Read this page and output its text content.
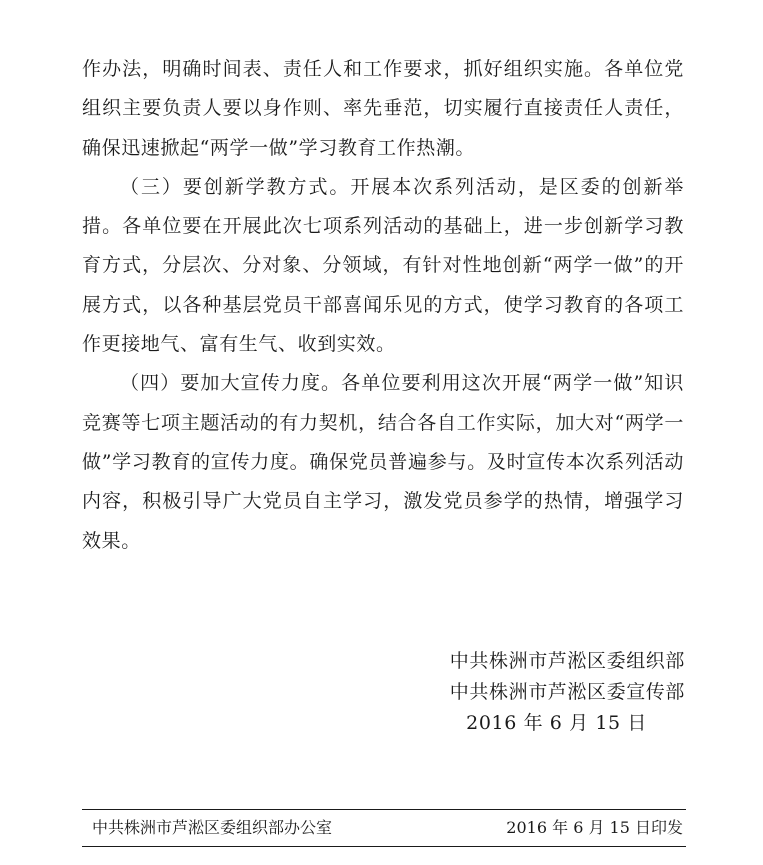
作办法，明确时间表、责任人和工作要求，抓好组织实施。各单位党组织主要负责人要以身作则、率先垂范，切实履行直接责任人责任，确保迅速掀起“两学一做”学习教育工作热潮。

（三）要创新学教方式。开展本次系列活动，是区委的创新举措。各单位要在开展此次七项系列活动的基础上，进一步创新学习教育方式，分层次、分对象、分领域，有针对性地创新“两学一做”的开展方式，以各种基层党员干部喜闻乐见的方式，使学习教育的各项工作更接地气、富有生气、收到实效。

（四）要加大宣传力度。各单位要利用这次开展“两学一做”知识竞赛等七项主题活动的有力契机，结合各自工作实际，加大对“两学一做”学习教育的宣传力度。确保党员普遍参与。及时宣传本次系列活动内容，积极引导广大党员自主学习，激发党员参学的热情，增强学习效果。

中共株洲市芦淞区委组织部
中共株洲市芦淞区委宣传部
2016 年 6 月 15 日
中共株洲市芦淞区委组织部办公室	2016 年 6 月 15 日印发
